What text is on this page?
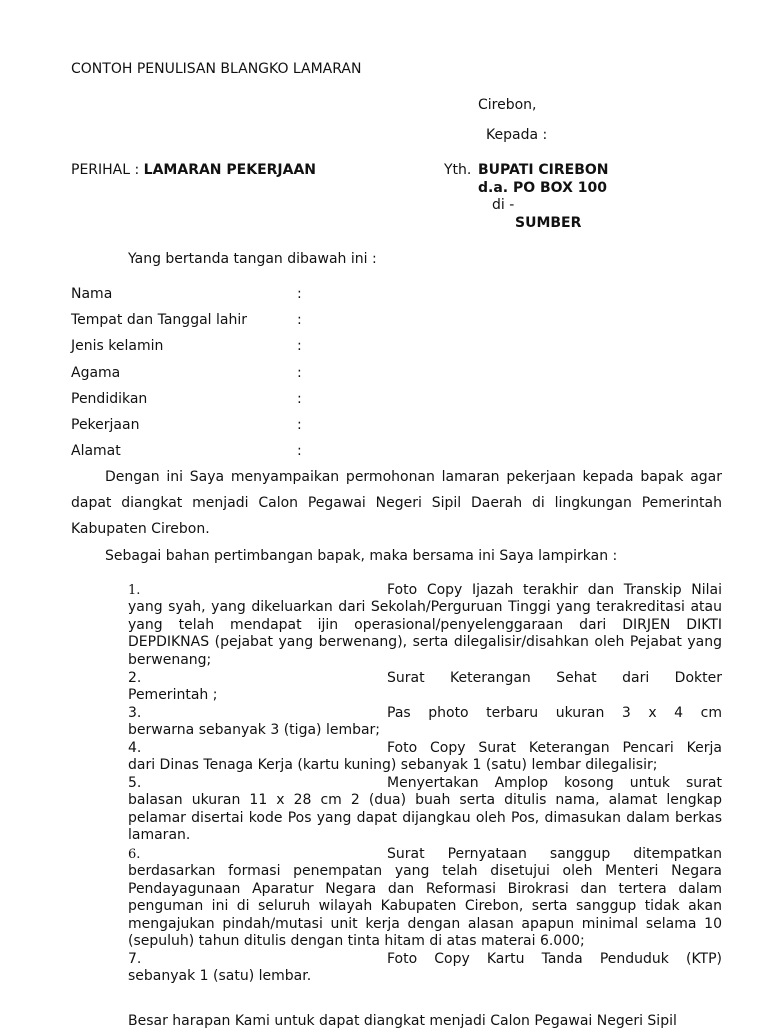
CONTOH PENULISAN BLANGKO LAMARAN
Cirebon,
Kepada :
PERIHAL : LAMARAN PEKERJAAN	Yth. BUPATI CIREBON
d.a. PO BOX 100
di -
SUMBER
Yang bertanda tangan dibawah ini :
Nama	:
Tempat dan Tanggal lahir	:
Jenis kelamin	:
Agama	:
Pendidikan	:
Pekerjaan	:
Alamat	:

Dengan ini Saya menyampaikan permohonan lamaran pekerjaan kepada bapak agar dapat diangkat menjadi Calon Pegawai Negeri Sipil Daerah di lingkungan Pemerintah Kabupaten Cirebon.

Sebagai bahan pertimbangan bapak, maka bersama ini Saya lampirkan :

1.	Foto Copy Ijazah terakhir dan Transkip Nilai
yang syah, yang dikeluarkan dari Sekolah/Perguruan Tinggi yang terakreditasi atau yang telah mendapat ijin operasional/penyelenggaraan dari DIRJEN DIKTI DEPDIKNAS (pejabat yang berwenang), serta dilegalisir/disahkan oleh Pejabat yang berwenang;
2.	Surat Keterangan Sehat dari Dokter
Pemerintah ;
3.	Pas photo terbaru ukuran 3 x 4 cm
berwarna sebanyak 3 (tiga) lembar;
4.	Foto Copy Surat Keterangan Pencari Kerja
dari Dinas Tenaga Kerja (kartu kuning) sebanyak 1 (satu) lembar dilegalisir;
5.	Menyertakan Amplop kosong untuk surat
balasan ukuran 11 x 28 cm 2 (dua) buah serta ditulis nama, alamat lengkap pelamar disertai kode Pos yang dapat dijangkau oleh Pos, dimasukan dalam berkas lamaran.
6.	Surat Pernyataan sanggup ditempatkan
berdasarkan formasi penempatan yang telah disetujui oleh Menteri Negara Pendayagunaan Aparatur Negara dan Reformasi Birokrasi dan tertera dalam penguman ini di seluruh wilayah Kabupaten Cirebon, serta sanggup tidak akan mengajukan pindah/mutasi unit kerja dengan alasan apapun minimal selama 10 (sepuluh) tahun ditulis dengan tinta hitam di atas materai 6.000;
7.	Foto Copy Kartu Tanda Penduduk (KTP)
sebanyak 1 (satu) lembar.
Besar harapan Kami untuk dapat diangkat menjadi Calon Pegawai Negeri Sipil
